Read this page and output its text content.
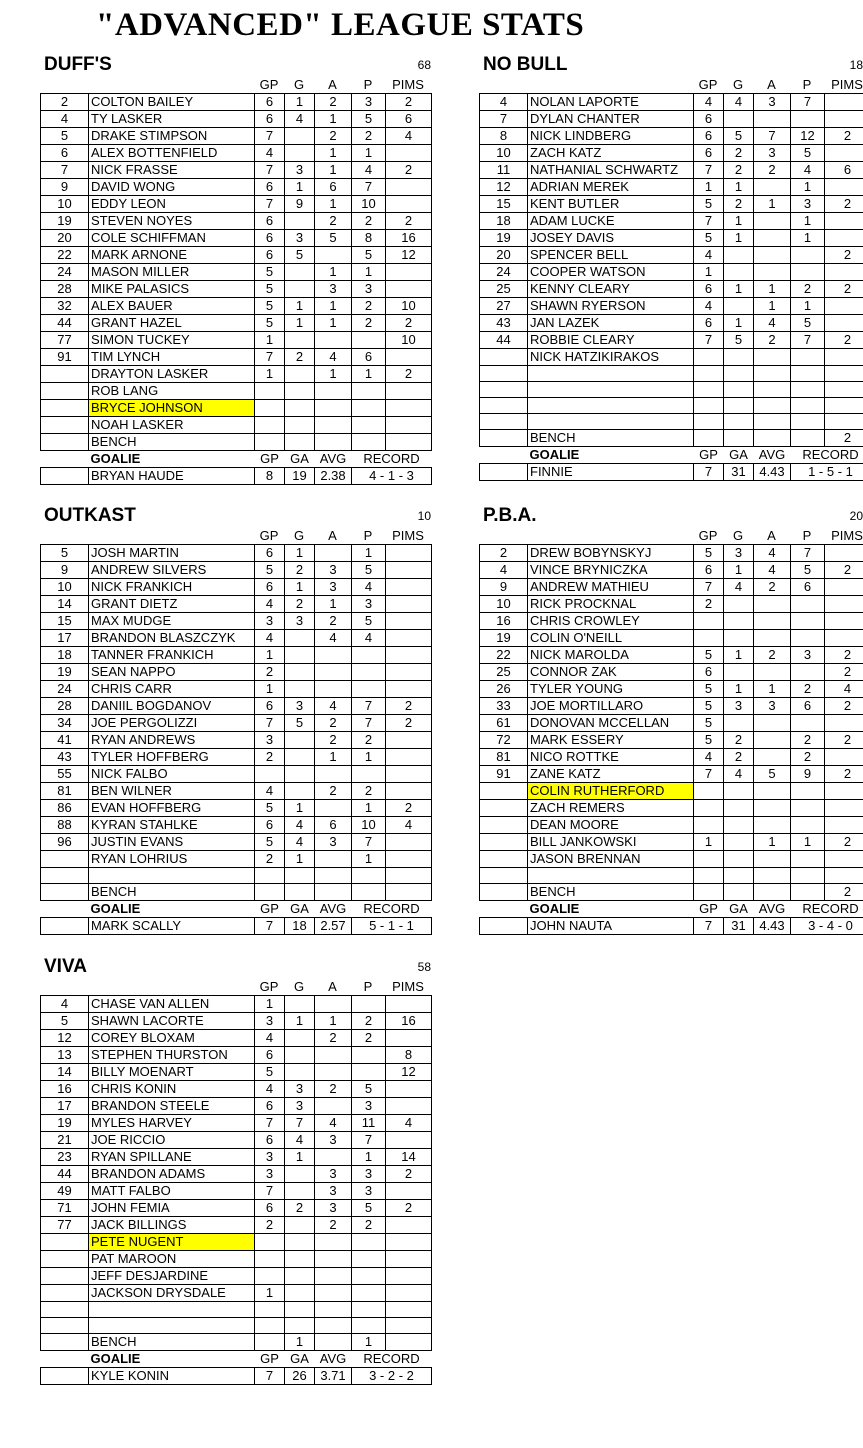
"ADVANCED" LEAGUE STATS
DUFF'S	68
GP	G	A	P	PIMS
2	COLTON BAILEY	6	1	2	3	2
4	TY LASKER	6	4	1	5	6
5	DRAKE STIMPSON	7		2	2	4
6	ALEX BOTTENFIELD	4		1	1	
7	NICK FRASSE	7	3	1	4	2
9	DAVID WONG	6	1	6	7	
10	EDDY LEON	7	9	1	10	
19	STEVEN NOYES	6		2	2	2
20	COLE SCHIFFMAN	6	3	5	8	16
22	MARK ARNONE	6	5		5	12
24	MASON MILLER	5		1	1	
28	MIKE PALASICS	5		3	3	
32	ALEX BAUER	5	1	1	2	10
44	GRANT HAZEL	5	1	1	2	2
77	SIMON TUCKEY	1				10
91	TIM LYNCH	7	2	4	6	
	DRAYTON LASKER	1		1	1	2
	ROB LANG					
	BRYCE JOHNSON					
	NOAH LASKER					
	BENCH					
	GOALIE	GP	GA	AVG	RECORD	
	BRYAN HAUDE	8	19	2.38	4 - 1 - 3	
NO BULL	18
GP	G	A	P	PIMS
4	NOLAN LAPORTE	4	4	3	7	
7	DYLAN CHANTER	6				
8	NICK LINDBERG	6	5	7	12	2
10	ZACH KATZ	6	2	3	5	
11	NATHANIAL SCHWARTZ	7	2	2	4	6
12	ADRIAN MEREK	1	1		1	
15	KENT BUTLER	5	2	1	3	2
18	ADAM LUCKE	7	1		1	
19	JOSEY DAVIS	5	1		1	
20	SPENCER BELL	4				2
24	COOPER WATSON	1				
25	KENNY CLEARY	6	1	1	2	2
27	SHAWN RYERSON	4		1	1	
43	JAN LAZEK	6	1	4	5	
44	ROBBIE CLEARY	7	5	2	7	2
	NICK HATZIKIRAKOS					

	BENCH					2
	GOALIE	GP	GA	AVG	RECORD	
	FINNIE	7	31	4.43	1 - 5 - 1	
OUTKAST	10
GP	G	A	P	PIMS
5	JOSH MARTIN	6	1		1	
9	ANDREW SILVERS	5	2	3	5	
10	NICK FRANKICH	6	1	3	4	
14	GRANT DIETZ	4	2	1	3	
15	MAX MUDGE	3	3	2	5	
17	BRANDON BLASZCZYK	4		4	4	
18	TANNER FRANKICH	1				
19	SEAN NAPPO	2				
24	CHRIS CARR	1				
28	DANIIL BOGDANOV	6	3	4	7	2
34	JOE PERGOLIZZI	7	5	2	7	2
41	RYAN ANDREWS	3		2	2	
43	TYLER HOFFBERG	2		1	1	
55	NICK FALBO					
81	BEN WILNER	4		2	2	
86	EVAN HOFFBERG	5	1		1	2
88	KYRAN STAHLKE	6	4	6	10	4
96	JUSTIN EVANS	5	4	3	7	
	RYAN LOHRIUS	2	1		1	

	BENCH					
	GOALIE	GP	GA	AVG	RECORD	
	MARK SCALLY	7	18	2.57	5 - 1 - 1	
P.B.A.	20
GP	G	A	P	PIMS
2	DREW BOBYNSKYJ	5	3	4	7	
4	VINCE BRYNICZKA	6	1	4	5	2
9	ANDREW MATHIEU	7	4	2	6	
10	RICK PROCKNAL	2				
16	CHRIS CROWLEY					
19	COLIN O'NEILL					
22	NICK MAROLDA	5	1	2	3	2
25	CONNOR ZAK	6				2
26	TYLER YOUNG	5	1	1	2	4
33	JOE MORTILLARO	5	3	3	6	2
61	DONOVAN MCCELLAN	5				
72	MARK ESSERY	5	2		2	2
81	NICO ROTTKE	4	2		2	
91	ZANE KATZ	7	4	5	9	2
	COLIN RUTHERFORD					
	ZACH REMERS					
	DEAN MOORE					
	BILL JANKOWSKI	1		1	1	2
	JASON BRENNAN					

	BENCH					2
	GOALIE	GP	GA	AVG	RECORD	
	JOHN NAUTA	7	31	4.43	3 - 4 - 0	
VIVA	58
GP	G	A	P	PIMS
4	CHASE VAN ALLEN	1				
5	SHAWN LACORTE	3	1	1	2	16
12	COREY BLOXAM	4		2	2	
13	STEPHEN THURSTON	6				8
14	BILLY MOENART	5				12
16	CHRIS KONIN	4	3	2	5	
17	BRANDON STEELE	6	3		3	
19	MYLES HARVEY	7	7	4	11	4
21	JOE RICCIO	6	4	3	7	
23	RYAN SPILLANE	3	1		1	14
44	BRANDON ADAMS	3		3	3	2
49	MATT FALBO	7		3	3	
71	JOHN FEMIA	6	2	3	5	2
77	JACK BILLINGS	2		2	2	
	PETE NUGENT					
	PAT MAROON					
	JEFF DESJARDINE					
	JACKSON DRYSDALE	1				

	BENCH		1		1	
	GOALIE	GP	GA	AVG	RECORD	
	KYLE KONIN	7	26	3.71	3 - 2 - 2	
